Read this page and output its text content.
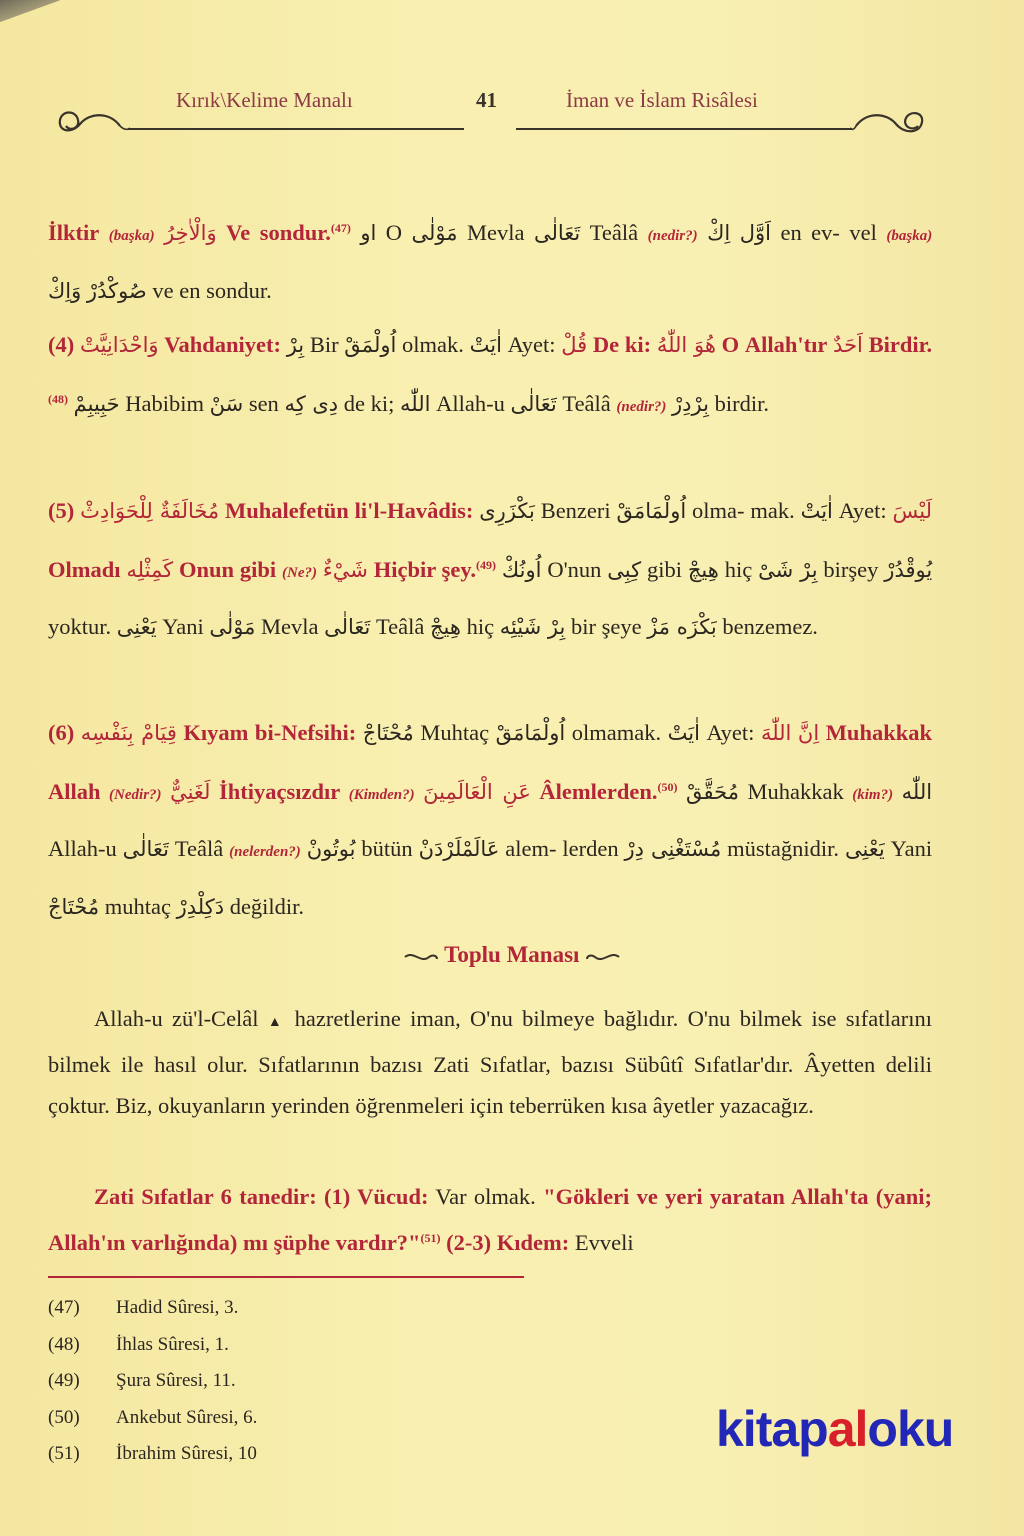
Kırık\Kelime Manalı	41	İman ve İslam Risâlesi

İlktir (başka) وَالْاٰخِرُ Ve sondur.$^{(47)}$ او O مَوْلٰى Mevla تَعَالٰى Teâlâ (nedir?) اَوَّل اِكْ en ev- vel (başka) صُوكْدُرْ وَاِكْ	ve en sondur.

(4) وَاحْدَانِيَّتْ Vahdaniyet: بِرْ Bir اُولْمَقْ olmak. اٰيَتْ Ayet: قُلْ De ki: هُوَ اللّٰهُ O Allah'tır اَحَدٌ Birdir.$^{(48)}$ حَبِيبِمْ Habibim سَنْ sen دِى كِه de ki; اللّٰه Allah-u تَعَالٰى Teâlâ (nedir?) بِرْدِرْ birdir.

(5) مُخَالَفَةٌ لِلْحَوَادِثْ Muhalefetün li'l-Havâdis: بَكْزَرِى Benzeri اُولْمَامَقْ olma- mak. اٰيَتْ Ayet: لَيْسَ Olmadı كَمِثْلِه Onun gibi (Ne?) شَيْءٌ Hiçbir şey.$^{(49)}$ اُونُكْ O'nun كِبِى gibi هِيچْ hiç بِرْ شَىْ birşey يُوقْدُرْ yoktur. يَعْنِى Yani مَوْلٰى Mevla تَعَالٰى Teâlâ هِيچْ hiç بِرْ شَيْئِه bir şeye بَكْزَه مَزْ benzemez.

(6) قِيَامْ بِنَفْسِه Kıyam bi-Nefsihi: مُحْتَاجْ Muhtaç اُولْمَامَقْ olmamak. اٰيَتْ Ayet: اِنَّ اللّٰهَ Muhakkak Allah (Nedir?) لَغَنِيٌّ İhtiyaçsızdır (Kimden?) عَنِ الْعَالَمِينَ Âlemlerden.$^{(50)}$ مُحَقَّقْ Muhakkak (kim?) اللّٰه Allah-u تَعَالٰى Teâlâ (nelerden?) بُوتُونْ bütün عَالَمْلَرْدَنْ alem- lerden مُسْتَغْنِى دِرْ müstağnidir. يَعْنِى Yani مُحْتَاجْ muhtaç دَكِلْدِرْ değildir.

Toplu Manası

Allah-u zü'l-Celâl ▲ hazretlerine iman, O'nu bilmeye bağlıdır. O'nu bilmek ise sıfatlarını bilmek ile hasıl olur. Sıfatlarının bazısı Zati Sıfatlar, bazısı Sübûtî Sıfatlar'dır. Âyetten delili çoktur. Biz, okuyanların yerinden öğrenmeleri için teberrüken kısa âyetler yazacağız.

Zati Sıfatlar 6 tanedir: (1) Vücud: Var olmak. "Gökleri ve yeri yaratan Allah'ta (yani; Allah'ın varlığında) mı şüphe vardır?"$^{(51)}$ (2-3) Kıdem: Evveli

(47) Hadid Sûresi, 3.
(48) İhlas Sûresi, 1.
(49) Şura Sûresi, 11.
(50) Ankebut Sûresi, 6.
(51) İbrahim Sûresi, 10	kitapaloku
